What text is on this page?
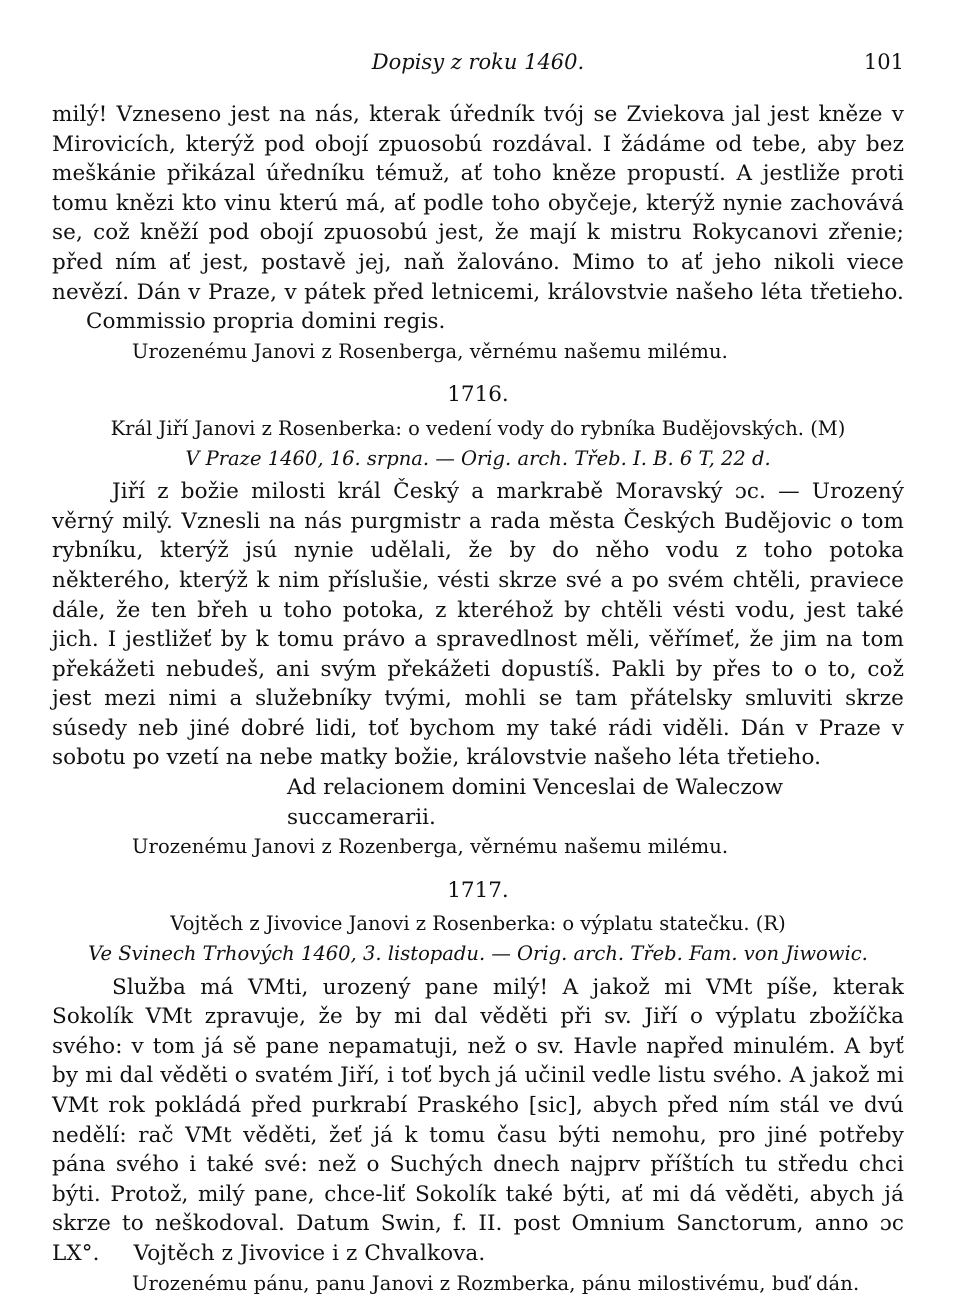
Dopisy z roku 1460.	101

milý! Vzneseno jest na nás, kterak úředník tvój se Zviekova jal jest kněze v Mirovicích, kterýž pod obojí zpuosobú rozdával. I žádáme od tebe, aby bez meškánie přikázal úředníku témuž, ať toho kněze propustí. A jestliže proti tomu knězi kto vinu kterú má, ať podle toho obyčeje, kterýž nynie zachovává se, což kněží pod obojí zpuosobú jest, že mají k mistru Rokycanovi zřenie; před ním ať jest, postavě jej, naň žalováno. Mimo to ať jeho nikoli viece nevězí. Dán v Praze, v pátek před letnicemi, královstvie našeho léta třetieho.Commissio propria domini regis.

Urozenému Janovi z Rosenberga, věrnému našemu milému.

1716.

Král Jiří Janovi z Rosenberka: o vedení vody do rybníka Budějovských. (M)

V Praze 1460, 16. srpna. — Orig. arch. Třeb. I. B. 6 T, 22 d.

Jiří z božie milosti král Český a markrabě Moravský ɔc. — Urozený věrný milý. Vznesli na nás purgmistr a rada města Českých Budějovic o tom rybníku, kterýž jsú nynie udělali, že by do něho vodu z toho potoka některého, kterýž k nim příslušie, vésti skrze své a po svém chtěli, praviece dále, že ten břeh u toho potoka, z kteréhož by chtěli vésti vodu, jest také jich. I jestližeť by k tomu právo a spravedlnost měli, věřímeť, že jim na tom překážeti nebudeš, ani svým překážeti dopustíš. Pakli by přes to o to, což jest mezi nimi a služebníky tvými, mohli se tam přátelsky smluviti skrze súsedy neb jiné dobré lidi, toť bychom my také rádi viděli. Dán v Praze v sobotu po vzetí na nebe matky božie, královstvie našeho léta třetieho.

Ad relacionem domini Venceslai de Waleczow succamerarii.

Urozenému Janovi z Rozenberga, věrnému našemu milému.

1717.

Vojtěch z Jivovice Janovi z Rosenberka: o výplatu statečku. (R)

Ve Svinech Trhových 1460, 3. listopadu. — Orig. arch. Třeb. Fam. von Jiwowic.

Služba má VMti, urozený pane milý! A jakož mi VMt píše, kterak Sokolík VMt zpravuje, že by mi dal věděti při sv. Jiří o výplatu zbožíčka svého: v tom já sě pane nepamatuji, než o sv. Havle napřed minulém. A byť by mi dal věděti o svatém Jiří, i toť bych já učinil vedle listu svého. A jakož mi VMt rok pokládá před purkrabí Praského [sic], abych před ním stál ve dvú nedělí: rač VMt věděti, žeť já k tomu času býti nemohu, pro jiné potřeby pána svého i také své: než o Suchých dnech najprv příštích tu středu chci býti. Protož, milý pane, chce-liť Sokolík také býti, ať mi dá věděti, abych já skrze to neškodoval. Datum Swin, f. II. post Omnium Sanctorum, anno ɔc LX°. Vojtěch z Jivovice i z Chvalkova.

Urozenému pánu, panu Janovi z Rozmberka, pánu milostivému, buď dán.
